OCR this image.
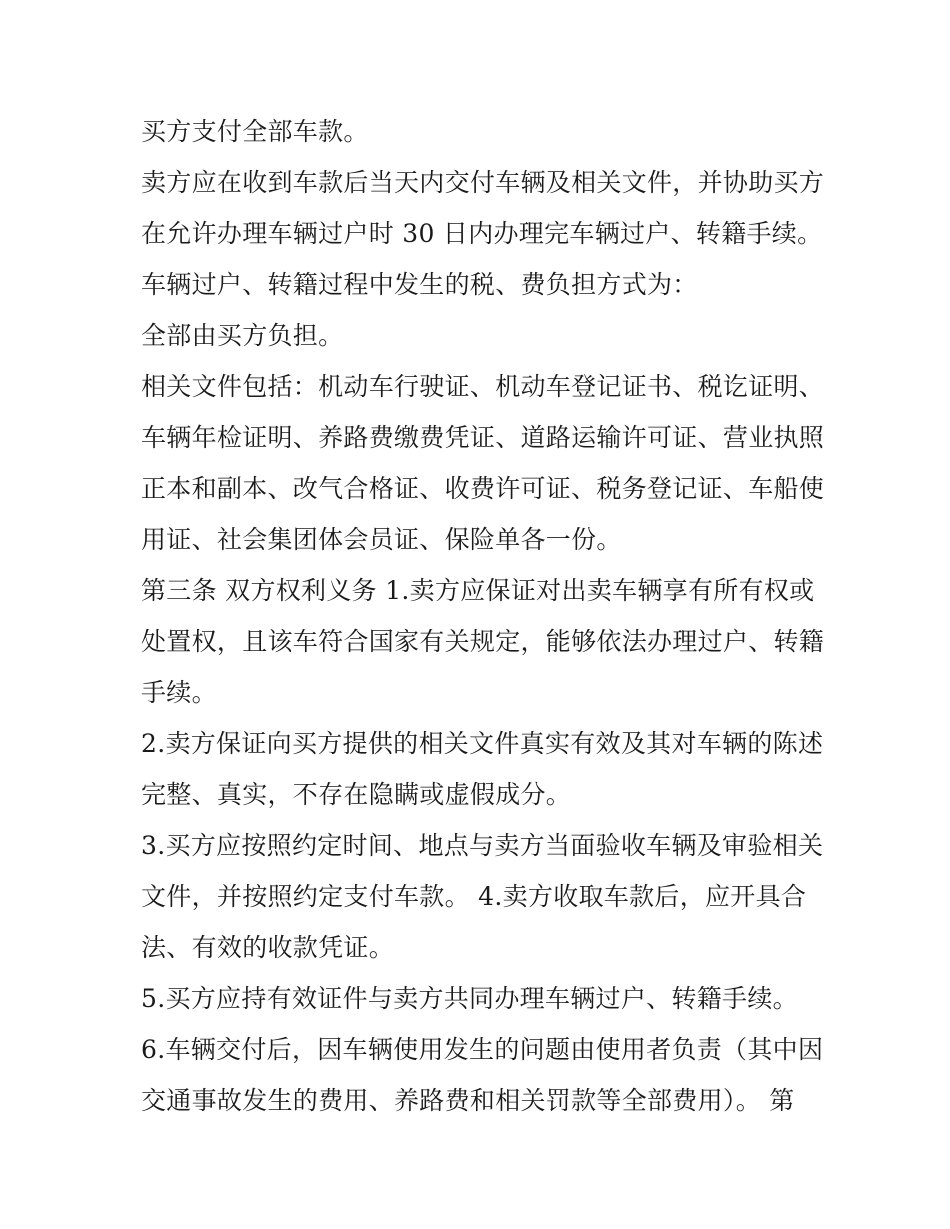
买方支付全部车款。
卖方应在收到车款后当天内交付车辆及相关文件，并协助买方
在允许办理车辆过户时 30 日内办理完车辆过户、转籍手续。
车辆过户、转籍过程中发生的税、费负担方式为：
全部由买方负担。
相关文件包括：机动车行驶证、机动车登记证书、税讫证明、
车辆年检证明、养路费缴费凭证、道路运输许可证、营业执照
正本和副本、改气合格证、收费许可证、税务登记证、车船使
用证、社会集团体会员证、保险单各一份。
第三条 双方权利义务 1.卖方应保证对出卖车辆享有所有权或
处置权，且该车符合国家有关规定，能够依法办理过户、转籍
手续。
2.卖方保证向买方提供的相关文件真实有效及其对车辆的陈述
完整、真实，不存在隐瞒或虚假成分。
3.买方应按照约定时间、地点与卖方当面验收车辆及审验相关
文件，并按照约定支付车款。 4.卖方收取车款后，应开具合
法、有效的收款凭证。
5.买方应持有效证件与卖方共同办理车辆过户、转籍手续。
6.车辆交付后，因车辆使用发生的问题由使用者负责（其中因
交通事故发生的费用、养路费和相关罚款等全部费用）。 第
